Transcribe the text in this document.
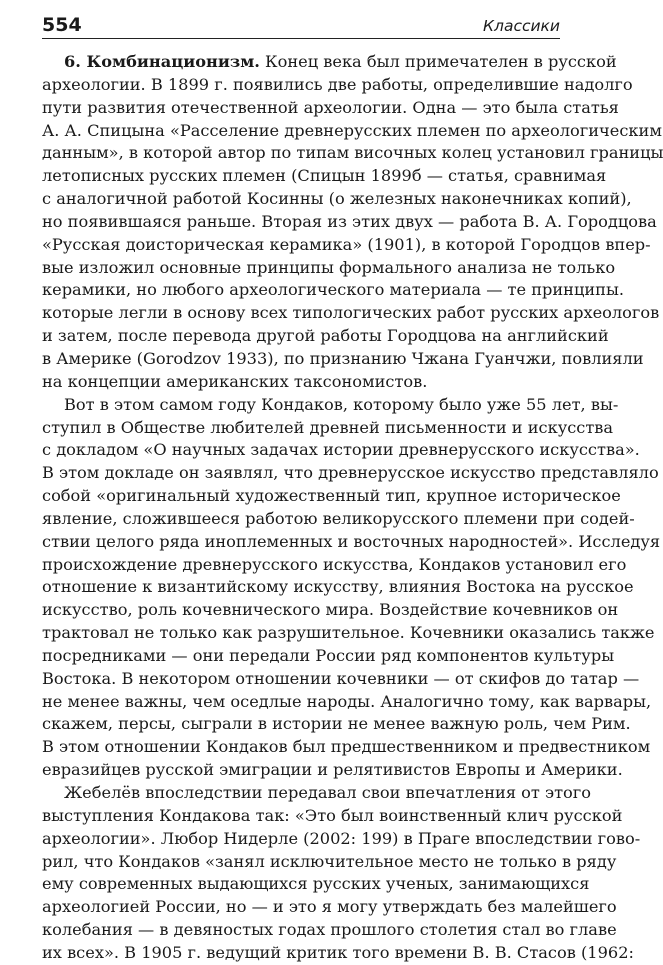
554	Классики
6. Комбинационизм. Конец века был примечателен в русской
археологии. В 1899 г. появились две работы, определившие надолго
пути развития отечественной археологии. Одна — это была статья
А. А. Спицына «Расселение древнерусских племен по археологическим
данным», в которой автор по типам височных колец установил границы
летописных русских племен (Спицын 1899б — статья, сравнимая
с аналогичной работой Косинны (о железных наконечниках копий),
но появившаяся раньше. Вторая из этих двух — работа В. А. Городцова
«Русская доисторическая керамика» (1901), в которой Городцов впер-
вые изложил основные принципы формального анализа не только
керамики, но любого археологического материала — те принципы.
которые легли в основу всех типологических работ русских археологов
и затем, после перевода другой работы Городцова на английский
в Америке (Gorodzov 1933), по признанию Чжана Гуанчжи, повлияли
на концепции американских таксономистов.
Вот в этом самом году Кондаков, которому было уже 55 лет, вы-
ступил в Обществе любителей древней письменности и искусства
с докладом «О научных задачах истории древнерусского искусства».
В этом докладе он заявлял, что древнерусское искусство представляло
собой «оригинальный художественный тип, крупное историческое
явление, сложившееся работою великорусского племени при содей-
ствии целого ряда иноплеменных и восточных народностей». Исследуя
происхождение древнерусского искусства, Кондаков установил его
отношение к византийскому искусству, влияния Востока на русское
искусство, роль кочевнического мира. Воздействие кочевников он
трактовал не только как разрушительное. Кочевники оказались также
посредниками — они передали России ряд компонентов культуры
Востока. В некотором отношении кочевники — от скифов до татар —
не менее важны, чем оседлые народы. Аналогично тому, как варвары,
скажем, персы, сыграли в истории не менее важную роль, чем Рим.
В этом отношении Кондаков был предшественником и предвестником
евразийцев русской эмиграции и релятивистов Европы и Америки.
Жебелёв впоследствии передавал свои впечатления от этого
выступления Кондакова так: «Это был воинственный клич русской
археологии». Любор Нидерле (2002: 199) в Праге впоследствии гово-
рил, что Кондаков «занял исключительное место не только в ряду
ему современных выдающихся русских ученых, занимающихся
археологией России, но — и это я могу утверждать без малейшего
колебания — в девяностых годах прошлого столетия стал во главе
их всех». В 1905 г. ведущий критик того времени В. В. Стасов (1962:
